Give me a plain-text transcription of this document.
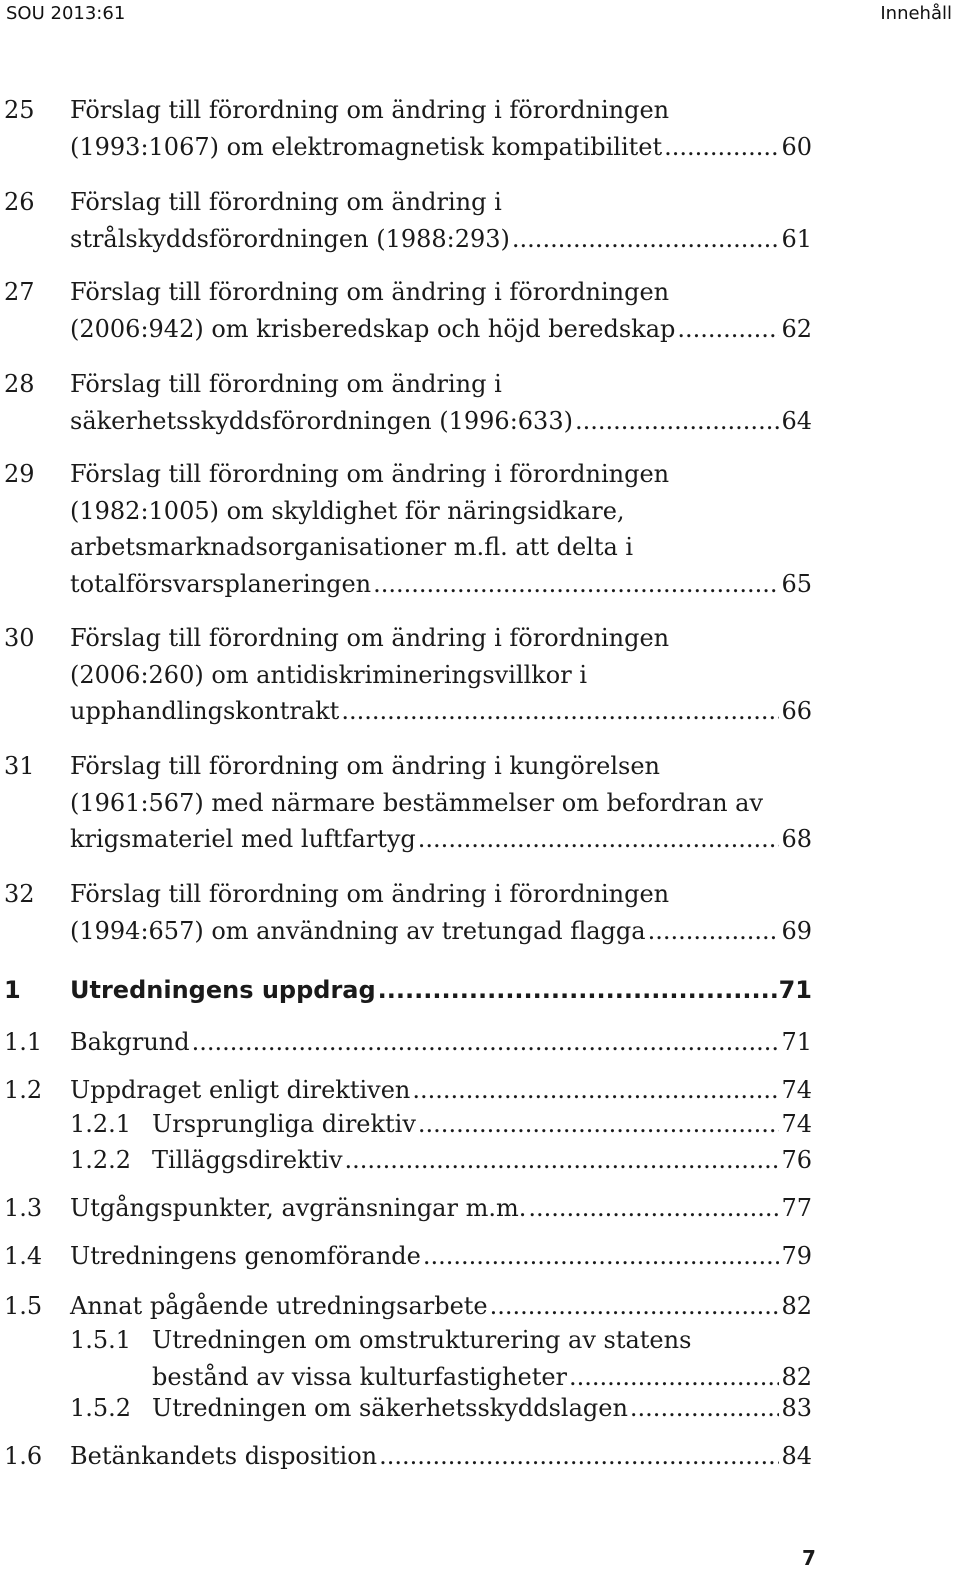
SOU 2013:61	Innehåll
25 Förslag till förordning om ändring i förordningen
(1993:1067) om elektromagnetisk kompatibilitet .....	60
26 Förslag till förordning om ändring i
strålskyddsförordningen (1988:293) .....	61
27 Förslag till förordning om ändring i förordningen
(2006:942) om krisberedskap och höjd beredskap .....	62
28 Förslag till förordning om ändring i
säkerhetsskyddsförordningen (1996:633) .....	64
29 Förslag till förordning om ändring i förordningen
(1982:1005) om skyldighet för näringsidkare,
arbetsmarknadsorganisationer m.fl. att delta i
totalförsvarsplaneringen .....	65
30 Förslag till förordning om ändring i förordningen
(2006:260) om antidiskrimineringsvillkor i
upphandlingskontrakt .....	66
31 Förslag till förordning om ändring i kungörelsen
(1961:567) med närmare bestämmelser om befordran av
krigsmateriel med luftfartyg .....	68
32 Förslag till förordning om ändring i förordningen
(1994:657) om användning av tretungad flagga .....	69
1 Utredningens uppdrag .....	71
1.1 Bakgrund .....	71
1.2 Uppdraget enligt direktiven .....	74
1.2.1 Ursprungliga direktiv .....	74
1.2.2 Tilläggsdirektiv .....	76
1.3 Utgångspunkter, avgränsningar m.m. .....	77
1.4 Utredningens genomförande .....	79
1.5 Annat pågående utredningsarbete .....	82
1.5.1 Utredningen om omstrukturering av statens
bestånd av vissa kulturfastigheter .....	82
1.5.2 Utredningen om säkerhetsskyddslagen .....	83
1.6 Betänkandets disposition .....	84
7
